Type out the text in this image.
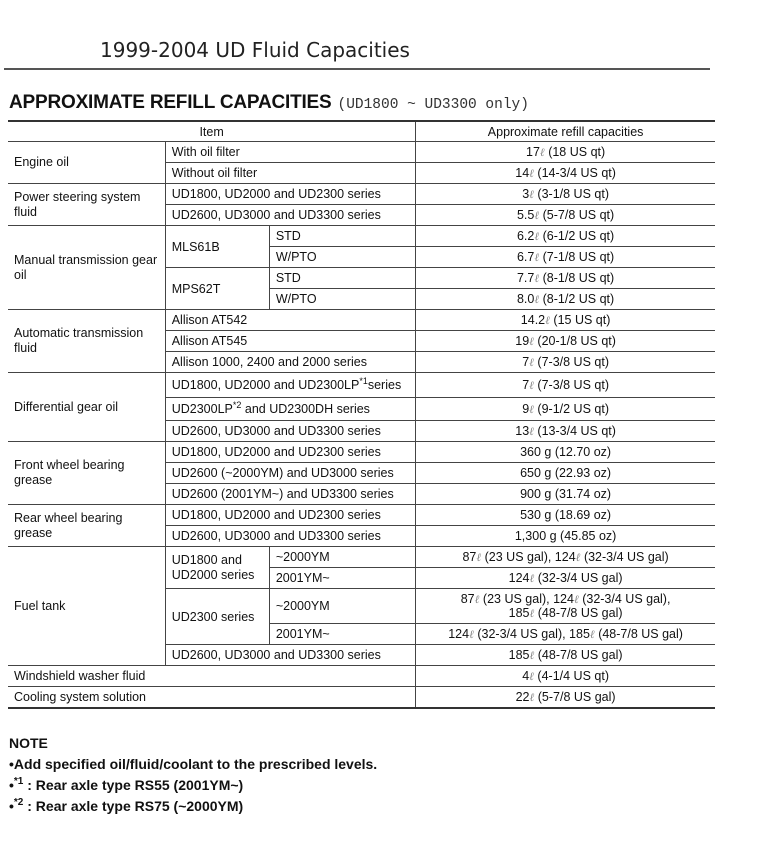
1999-2004 UD Fluid Capacities
APPROXIMATE REFILL CAPACITIES (UD1800 ~ UD3300 only)
Item			Approximate refill capacities
Engine oil	With oil filter		17ℓ (18 US qt)
	Without oil filter		14ℓ (14-3/4 US qt)
Power steering system fluid	UD1800, UD2000 and UD2300 series		3ℓ (3-1/8 US qt)
	UD2600, UD3000 and UD3300 series		5.5ℓ (5-7/8 US qt)
Manual transmission gear oil	MLS61B	STD	6.2ℓ (6-1/2 US qt)
		W/PTO	6.7ℓ (7-1/8 US qt)
	MPS62T	STD	7.7ℓ (8-1/8 US qt)
		W/PTO	8.0ℓ (8-1/2 US qt)
Automatic transmission fluid	Allison AT542		14.2ℓ (15 US qt)
	Allison AT545		19ℓ (20-1/8 US qt)
	Allison 1000, 2400 and 2000 series		7ℓ (7-3/8 US qt)
Differential gear oil	UD1800, UD2000 and UD2300LP$^{*1}$series		7ℓ (7-3/8 US qt)
	UD2300LP$^{*2}$ and UD2300DH series		9ℓ (9-1/2 US qt)
	UD2600, UD3000 and UD3300 series		13ℓ (13-3/4 US qt)
Front wheel bearing grease	UD1800, UD2000 and UD2300 series		360 g (12.70 oz)
	UD2600 (~2000YM) and UD3000 series		650 g (22.93 oz)
	UD2600 (2001YM~) and UD3300 series		900 g (31.74 oz)
Rear wheel bearing grease	UD1800, UD2000 and UD2300 series		530 g (18.69 oz)
	UD2600, UD3000 and UD3300 series		1,300 g (45.85 oz)
Fuel tank	UD1800 and UD2000 series	~2000YM	87ℓ (23 US gal), 124ℓ (32-3/4 US gal)
		2001YM~	124ℓ (32-3/4 US gal)
	UD2300 series	~2000YM	87ℓ (23 US gal), 124ℓ (32-3/4 US gal),
185ℓ (48-7/8 US gal)
		2001YM~	124ℓ (32-3/4 US gal), 185ℓ (48-7/8 US gal)
	UD2600, UD3000 and UD3300 series		185ℓ (48-7/8 US gal)
Windshield washer fluid			4ℓ (4-1/4 US qt)
Cooling system solution			22ℓ (5-7/8 US gal)
NOTE
•Add specified oil/fluid/coolant to the prescribed levels.
•$^{*1}$ : Rear axle type RS55 (2001YM~)
•$^{*2}$ : Rear axle type RS75 (~2000YM)
